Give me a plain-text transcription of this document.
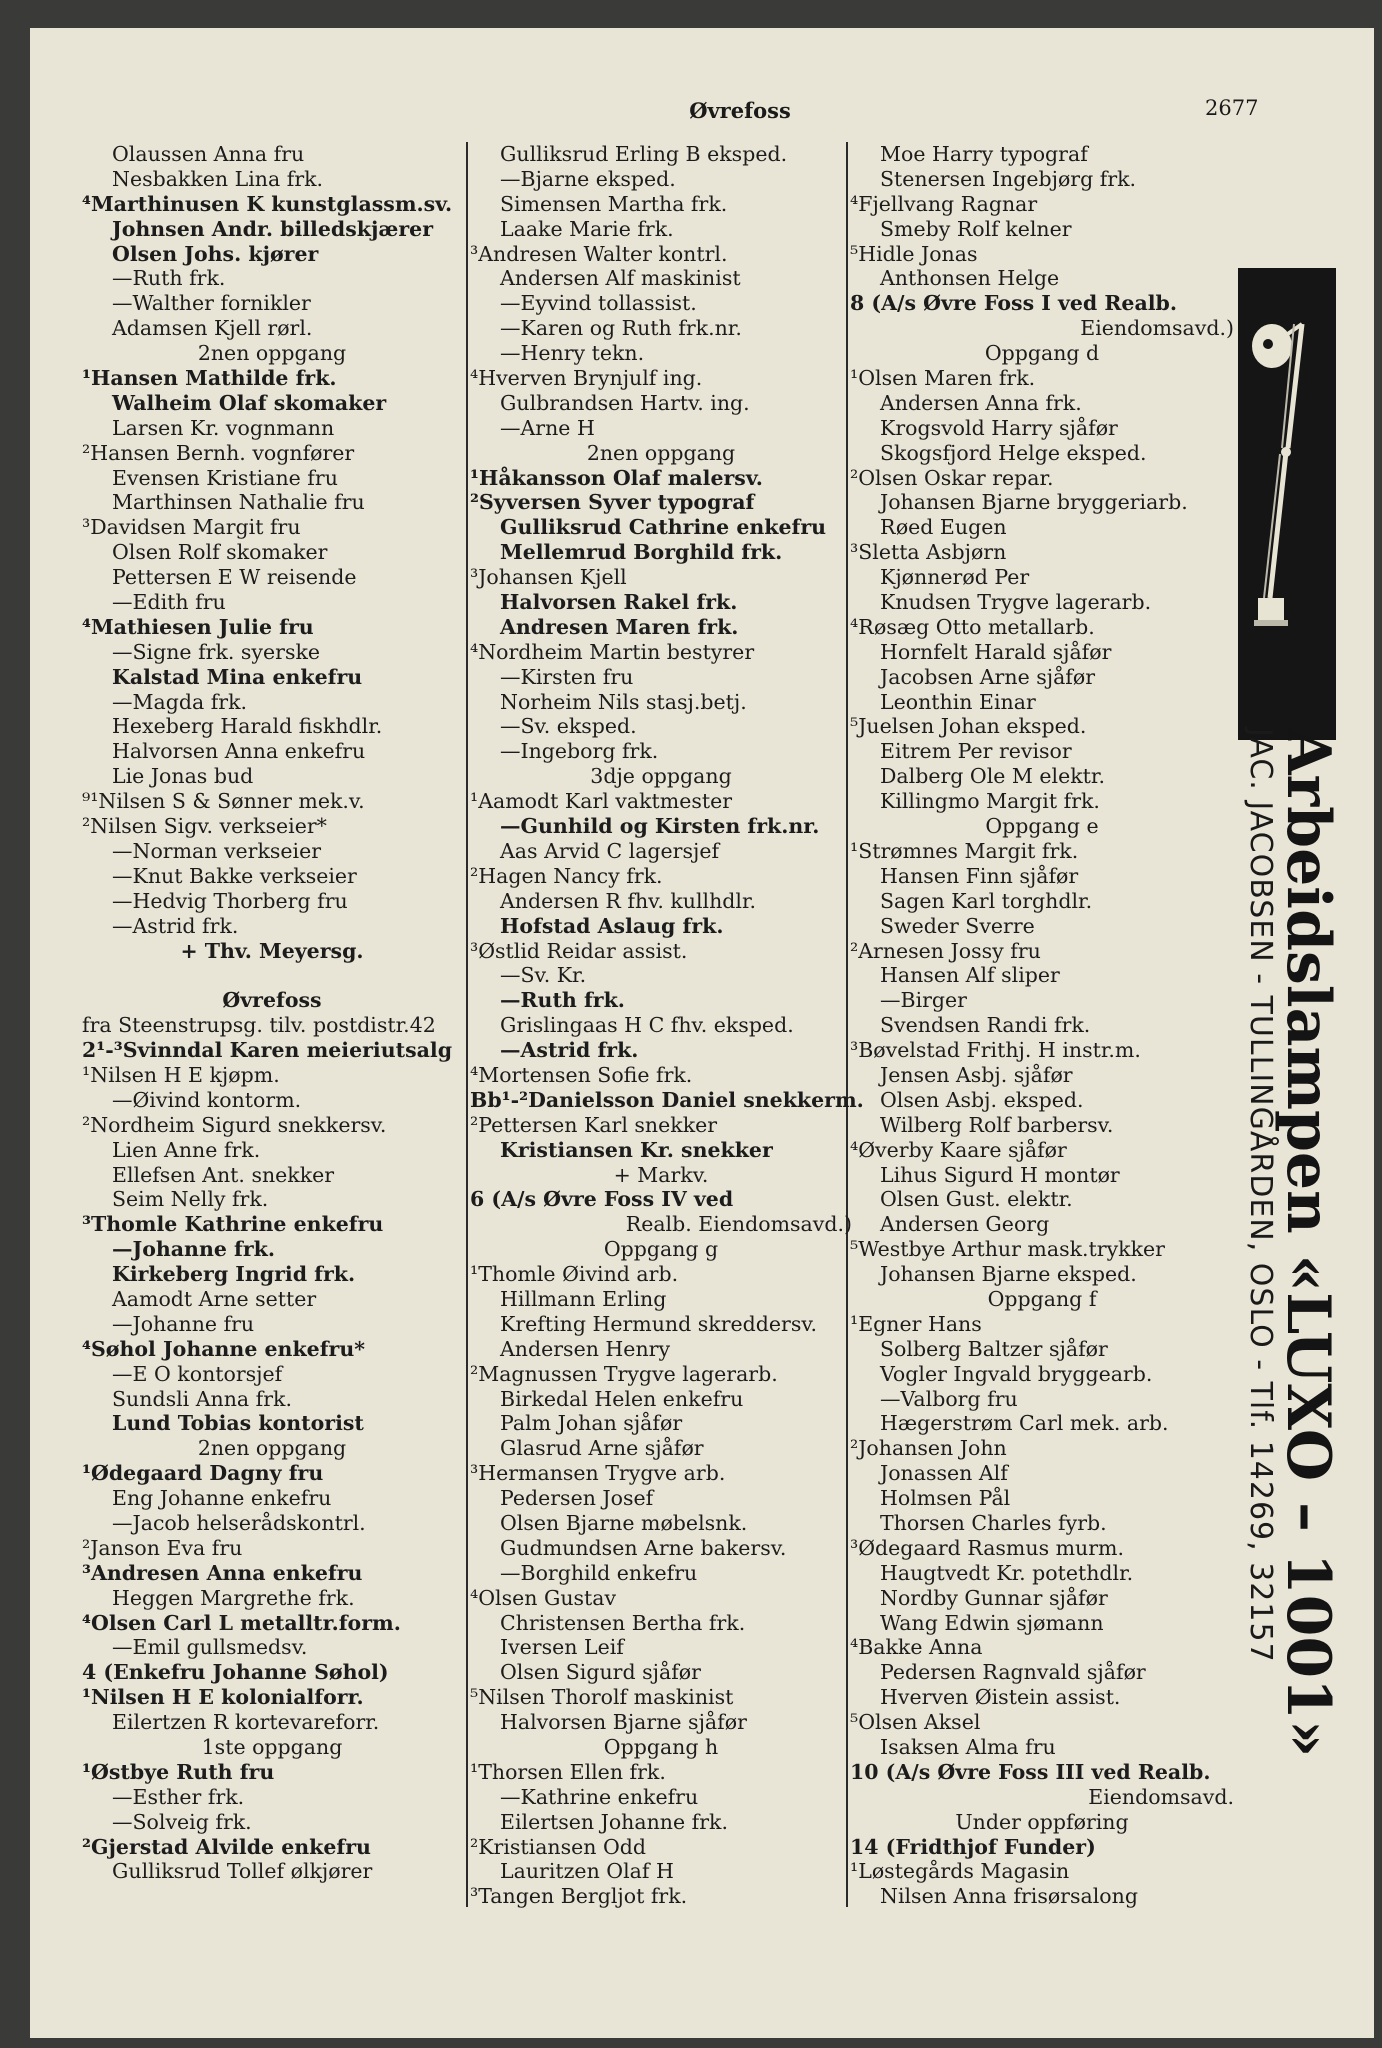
Øvrefoss	2677
Olaussen Anna fru
Nesbakken Lina frk.
⁴Marthinusen K kunstglassm.sv.
Johnsen Andr. billedskjærer
Olsen Johs. kjører
—Ruth frk.
—Walther fornikler
Adamsen Kjell rørl.
2nen oppgang
¹Hansen Mathilde frk.
Walheim Olaf skomaker
Larsen Kr. vognmann
²Hansen Bernh. vognfører
Evensen Kristiane fru
Marthinsen Nathalie fru
³Davidsen Margit fru
Olsen Rolf skomaker
Pettersen E W reisende
—Edith fru
⁴Mathiesen Julie fru
—Signe frk. syerske
Kalstad Mina enkefru
—Magda frk.
Hexeberg Harald fiskhdlr.
Halvorsen Anna enkefru
Lie Jonas bud
⁹¹Nilsen S & Sønner mek.v.
²Nilsen Sigv. verkseier*
—Norman verkseier
—Knut Bakke verkseier
—Hedvig Thorberg fru
—Astrid frk.
+ Thv. Meyersg.
Øvrefoss
fra Steenstrupsg. tilv. postdistr.42
2¹-³Svinndal Karen meieriutsalg
¹Nilsen H E kjøpm.
—Øivind kontorm.
²Nordheim Sigurd snekkersv.
Lien Anne frk.
Ellefsen Ant. snekker
Seim Nelly frk.
³Thomle Kathrine enkefru
—Johanne frk.
Kirkeberg Ingrid frk.
Aamodt Arne setter
—Johanne fru
⁴Søhol Johanne enkefru*
—E O kontorsjef
Sundsli Anna frk.
Lund Tobias kontorist
2nen oppgang
¹Ødegaard Dagny fru
Eng Johanne enkefru
—Jacob helserådskontrl.
²Janson Eva fru
³Andresen Anna enkefru
Heggen Margrethe frk.
⁴Olsen Carl L metalltr.form.
—Emil gullsmedsv.
4 (Enkefru Johanne Søhol)
¹Nilsen H E kolonialforr.
Eilertzen R kortevareforr.
1ste oppgang
¹Østbye Ruth fru
—Esther frk.
—Solveig frk.
²Gjerstad Alvilde enkefru
Gulliksrud Tollef ølkjører
Gulliksrud Erling B eksped.
—Bjarne eksped.
Simensen Martha frk.
Laake Marie frk.
³Andresen Walter kontrl.
Andersen Alf maskinist
—Eyvind tollassist.
—Karen og Ruth frk.nr.
—Henry tekn.
⁴Hverven Brynjulf ing.
Gulbrandsen Hartv. ing.
—Arne H
2nen oppgang
¹Håkansson Olaf malersv.
²Syversen Syver typograf
Gulliksrud Cathrine enkefru
Mellemrud Borghild frk.
³Johansen Kjell
Halvorsen Rakel frk.
Andresen Maren frk.
⁴Nordheim Martin bestyrer
—Kirsten fru
Norheim Nils stasj.betj.
—Sv. eksped.
—Ingeborg frk.
3dje oppgang
¹Aamodt Karl vaktmester
—Gunhild og Kirsten frk.nr.
Aas Arvid C lagersjef
²Hagen Nancy frk.
Andersen R fhv. kullhdlr.
Hofstad Aslaug frk.
³Østlid Reidar assist.
—Sv. Kr.
—Ruth frk.
Grislingaas H C fhv. eksped.
—Astrid frk.
⁴Mortensen Sofie frk.
Bb¹-²Danielsson Daniel snekkerm.
²Pettersen Karl snekker
Kristiansen Kr. snekker
+ Markv.
6 (A/s Øvre Foss IV ved
Realb. Eiendomsavd.)
Oppgang g
¹Thomle Øivind arb.
Hillmann Erling
Krefting Hermund skreddersv.
Andersen Henry
²Magnussen Trygve lagerarb.
Birkedal Helen enkefru
Palm Johan sjåfør
Glasrud Arne sjåfør
³Hermansen Trygve arb.
Pedersen Josef
Olsen Bjarne møbelsnk.
Gudmundsen Arne bakersv.
—Borghild enkefru
⁴Olsen Gustav
Christensen Bertha frk.
Iversen Leif
Olsen Sigurd sjåfør
⁵Nilsen Thorolf maskinist
Halvorsen Bjarne sjåfør
Oppgang h
¹Thorsen Ellen frk.
—Kathrine enkefru
Eilertsen Johanne frk.
²Kristiansen Odd
Lauritzen Olaf H
³Tangen Bergljot frk.
Moe Harry typograf
Stenersen Ingebjørg frk.
⁴Fjellvang Ragnar
Smeby Rolf kelner
⁵Hidle Jonas
Anthonsen Helge
8 (A/s Øvre Foss I ved Realb.
Eiendomsavd.)
Oppgang d
¹Olsen Maren frk.
Andersen Anna frk.
Krogsvold Harry sjåfør
Skogsfjord Helge eksped.
²Olsen Oskar repar.
Johansen Bjarne bryggeriarb.
Røed Eugen
³Sletta Asbjørn
Kjønnerød Per
Knudsen Trygve lagerarb.
⁴Røsæg Otto metallarb.
Hornfelt Harald sjåfør
Jacobsen Arne sjåfør
Leonthin Einar
⁵Juelsen Johan eksped.
Eitrem Per revisor
Dalberg Ole M elektr.
Killingmo Margit frk.
Oppgang e
¹Strømnes Margit frk.
Hansen Finn sjåfør
Sagen Karl torghdlr.
Sweder Sverre
²Arnesen Jossy fru
Hansen Alf sliper
—Birger
Svendsen Randi frk.
³Bøvelstad Frithj. H instr.m.
Jensen Asbj. sjåfør
Olsen Asbj. eksped.
Wilberg Rolf barbersv.
⁴Øverby Kaare sjåfør
Lihus Sigurd H montør
Olsen Gust. elektr.
Andersen Georg
⁵Westbye Arthur mask.trykker
Johansen Bjarne eksped.
Oppgang f
¹Egner Hans
Solberg Baltzer sjåfør
Vogler Ingvald bryggearb.
—Valborg fru
Hægerstrøm Carl mek. arb.
²Johansen John
Jonassen Alf
Holmsen Pål
Thorsen Charles fyrb.
³Ødegaard Rasmus murm.
Haugtvedt Kr. potethdlr.
Nordby Gunnar sjåfør
Wang Edwin sjømann
⁴Bakke Anna
Pedersen Ragnvald sjåfør
Hverven Øistein assist.
⁵Olsen Aksel
Isaksen Alma fru
10 (A/s Øvre Foss III ved Realb.
Eiendomsavd.
Under oppføring
14 (Fridthjof Funder)
¹Løstegårds Magasin
Nilsen Anna frisørsalong
Arbeidslampen «LUXO – 1001»
JAC. JACOBSEN - TULLINGÅRDEN, OSLO - Tlf. 14269, 32157
